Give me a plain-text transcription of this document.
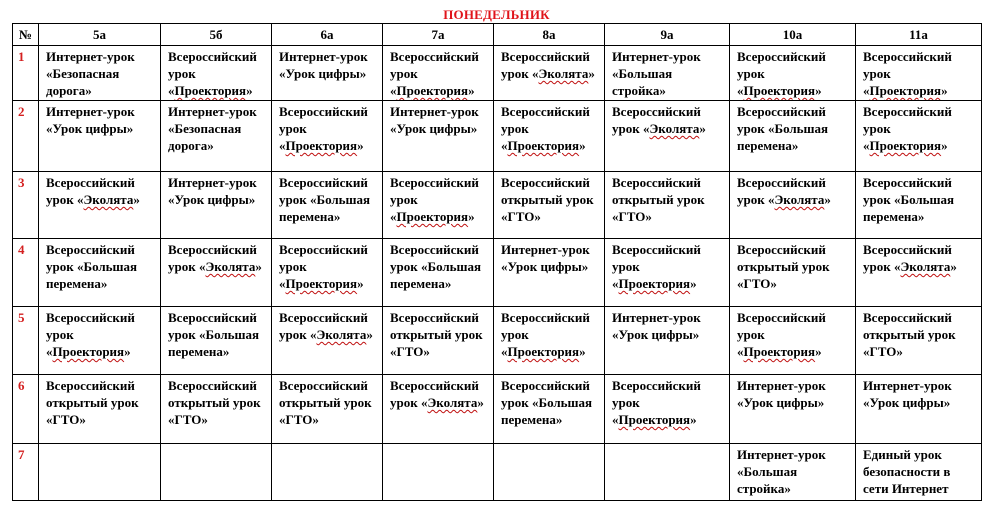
ПОНЕДЕЛЬНИК
№	5а	5б	6а	7а	8а	9а	10а	11а
1	Интернет-урок «Безопасная дорога»	Всероссийский урок «Проектория»	Интернет-урок «Урок цифры»	Всероссийский урок «Проектория»	Всероссийский урок «Эколята»	Интернет-урок «Большая стройка»	Всероссийский урок «Проектория»	Всероссийский урок «Проектория»
2	Интернет-урок «Урок цифры»	Интернет-урок «Безопасная дорога»	Всероссийский урок «Проектория»	Интернет-урок «Урок цифры»	Всероссийский урок «Проектория»	Всероссийский урок «Эколята»	Всероссийский урок «Большая перемена»	Всероссийский урок «Проектория»
3	Всероссийский урок «Эколята»	Интернет-урок «Урок цифры»	Всероссийский урок «Большая перемена»	Всероссийский урок «Проектория»	Всероссийский открытый урок «ГТО»	Всероссийский открытый урок «ГТО»	Всероссийский урок «Эколята»	Всероссийский урок «Большая перемена»
4	Всероссийский урок «Большая перемена»	Всероссийский урок «Эколята»	Всероссийский урок «Проектория»	Всероссийский урок «Большая перемена»	Интернет-урок «Урок цифры»	Всероссийский урок «Проектория»	Всероссийский открытый урок «ГТО»	Всероссийский урок «Эколята»
5	Всероссийский урок «Проектория»	Всероссийский урок «Большая перемена»	Всероссийский урок «Эколята»	Всероссийский открытый урок «ГТО»	Всероссийский урок «Проектория»	Интернет-урок «Урок цифры»	Всероссийский урок «Проектория»	Всероссийский открытый урок «ГТО»
6	Всероссийский открытый урок «ГТО»	Всероссийский открытый урок «ГТО»	Всероссийский открытый урок «ГТО»	Всероссийский урок «Эколята»	Всероссийский урок «Большая перемена»	Всероссийский урок «Проектория»	Интернет-урок «Урок цифры»	Интернет-урок «Урок цифры»
7							Интернет-урок «Большая стройка»	Единый урок безопасности в сети Интернет
